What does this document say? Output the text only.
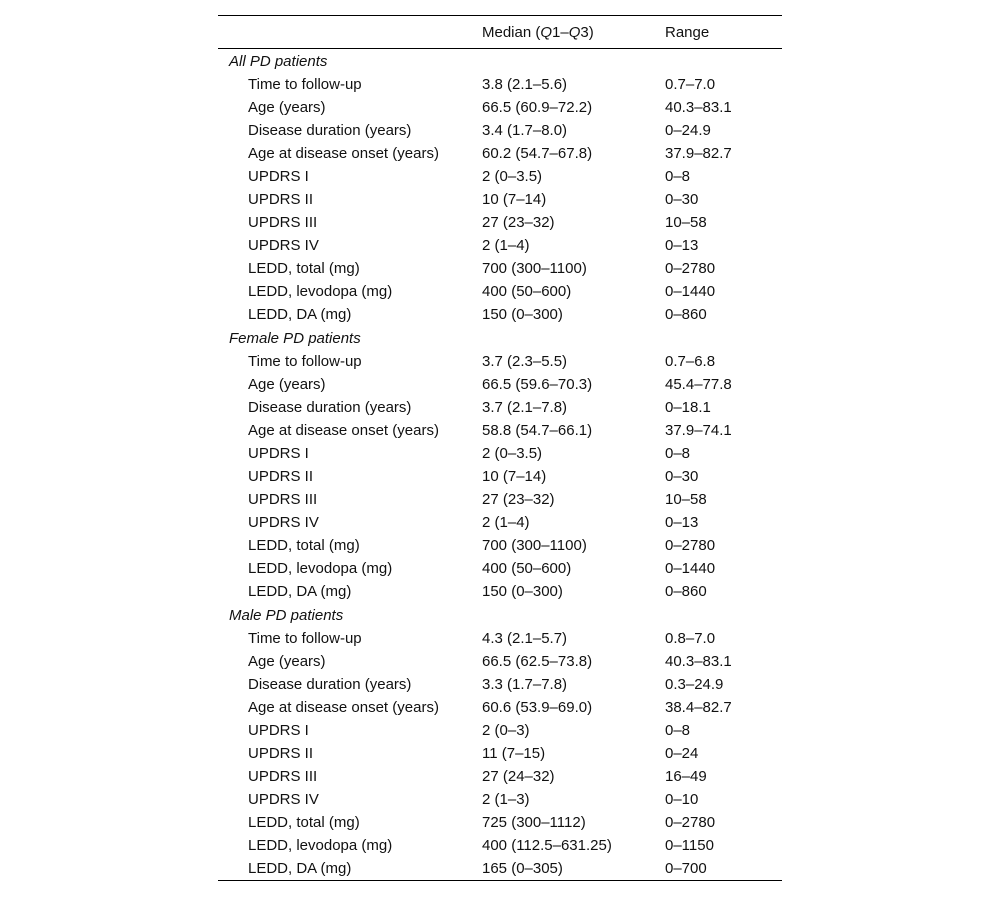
	Median (Q1–Q3)	Range
All PD patients		
Time to follow-up	3.8 (2.1–5.6)	0.7–7.0
Age (years)	66.5 (60.9–72.2)	40.3–83.1
Disease duration (years)	3.4 (1.7–8.0)	0–24.9
Age at disease onset (years)	60.2 (54.7–67.8)	37.9–82.7
UPDRS I	2 (0–3.5)	0–8
UPDRS II	10 (7–14)	0–30
UPDRS III	27 (23–32)	10–58
UPDRS IV	2 (1–4)	0–13
LEDD, total (mg)	700 (300–1100)	0–2780
LEDD, levodopa (mg)	400 (50–600)	0–1440
LEDD, DA (mg)	150 (0–300)	0–860
Female PD patients		
Time to follow-up	3.7 (2.3–5.5)	0.7–6.8
Age (years)	66.5 (59.6–70.3)	45.4–77.8
Disease duration (years)	3.7 (2.1–7.8)	0–18.1
Age at disease onset (years)	58.8 (54.7–66.1)	37.9–74.1
UPDRS I	2 (0–3.5)	0–8
UPDRS II	10 (7–14)	0–30
UPDRS III	27 (23–32)	10–58
UPDRS IV	2 (1–4)	0–13
LEDD, total (mg)	700 (300–1100)	0–2780
LEDD, levodopa (mg)	400 (50–600)	0–1440
LEDD, DA (mg)	150 (0–300)	0–860
Male PD patients		
Time to follow-up	4.3 (2.1–5.7)	0.8–7.0
Age (years)	66.5 (62.5–73.8)	40.3–83.1
Disease duration (years)	3.3 (1.7–7.8)	0.3–24.9
Age at disease onset (years)	60.6 (53.9–69.0)	38.4–82.7
UPDRS I	2 (0–3)	0–8
UPDRS II	11 (7–15)	0–24
UPDRS III	27 (24–32)	16–49
UPDRS IV	2 (1–3)	0–10
LEDD, total (mg)	725 (300–1112)	0–2780
LEDD, levodopa (mg)	400 (112.5–631.25)	0–1150
LEDD, DA (mg)	165 (0–305)	0–700
